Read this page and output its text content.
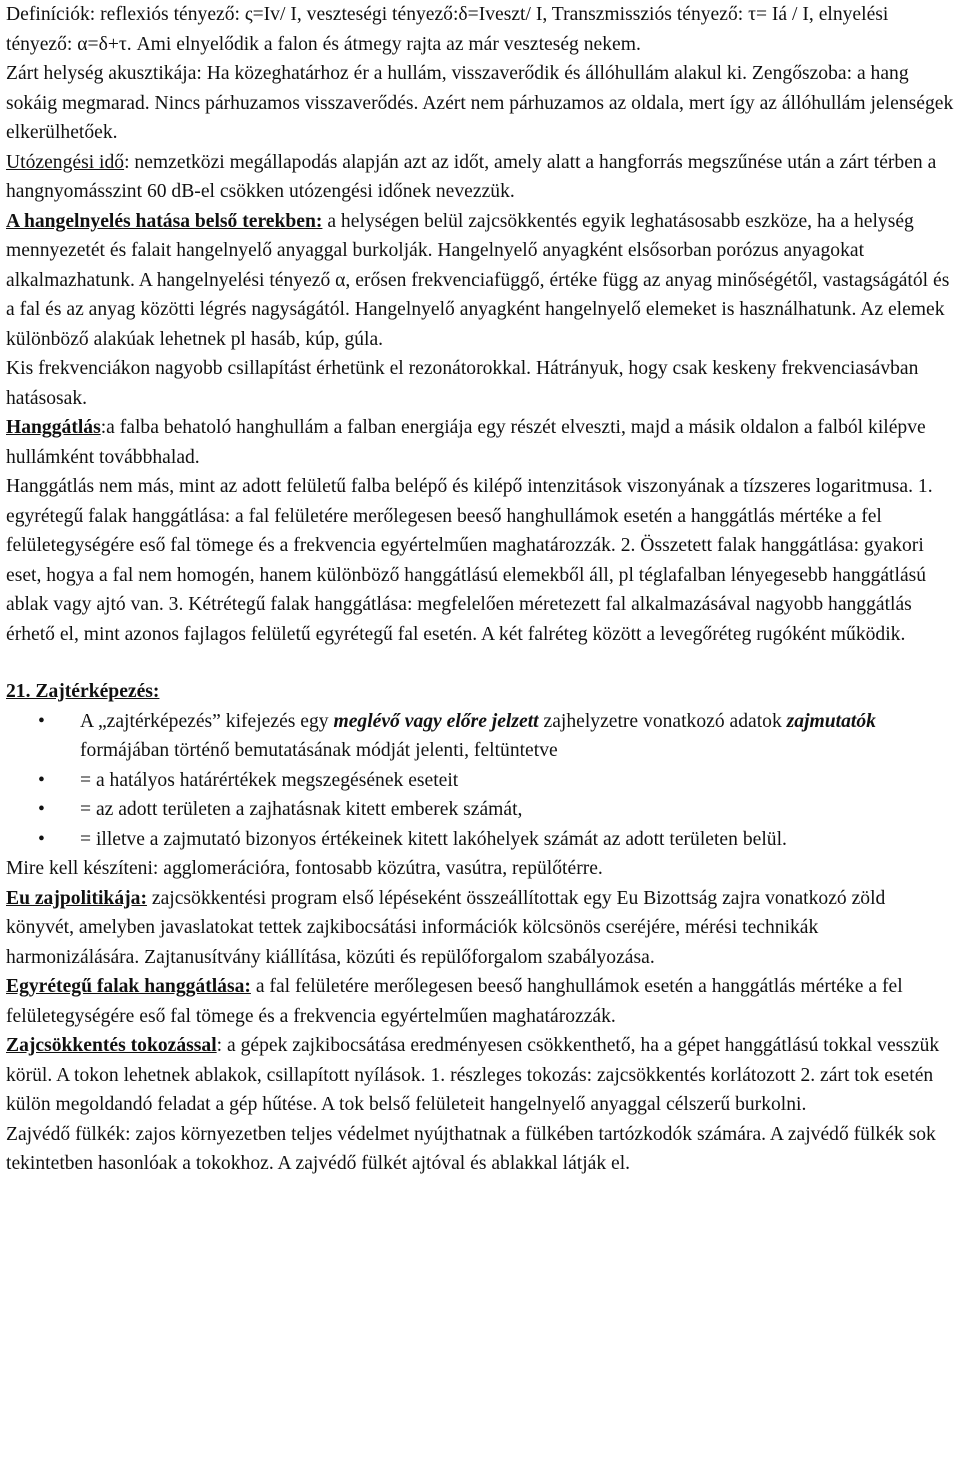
Definíciók: reflexiós tényező: ς=Iv/ I, veszteségi tényező:δ=Iveszt/ I, Transzmissziós tényező: τ= Iá / I, elnyelési tényező: α=δ+τ. Ami elnyelődik a falon és átmegy rajta az már veszteség nekem.

Zárt helység akusztikája: Ha közeghatárhoz ér a hullám, visszaverődik és állóhullám alakul ki. Zengőszoba: a hang sokáig megmarad. Nincs párhuzamos visszaverődés. Azért nem párhuzamos az oldala, mert így az állóhullám jelenségek elkerülhetőek.

Utózengési idő: nemzetközi megállapodás alapján azt az időt, amely alatt a hangforrás megszűnése után a zárt térben a hangnyomásszint 60 dB-el csökken utózengési időnek nevezzük.

A hangelnyelés hatása belső terekben: a helységen belül zajcsökkentés egyik leghatásosabb eszköze, ha a helység mennyezetét és falait hangelnyelő anyaggal burkolják. Hangelnyelő anyagként elsősorban porózus anyagokat alkalmazhatunk. A hangelnyelési tényező α, erősen frekvenciafüggő, értéke függ az anyag minőségétől, vastagságától és a fal és az anyag közötti légrés nagyságától. Hangelnyelő anyagként hangelnyelő elemeket is használhatunk. Az elemek különböző alakúak lehetnek pl hasáb, kúp, gúla.

Kis frekvenciákon nagyobb csillapítást érhetünk el rezonátorokkal. Hátrányuk, hogy csak keskeny frekvenciasávban hatásosak.

Hanggátlás:a falba behatoló hanghullám a falban energiája egy részét elveszti, majd a másik oldalon a falból kilépve hullámként továbbhalad.

Hanggátlás nem más, mint az adott felületű falba belépő és kilépő intenzitások viszonyának a tízszeres logaritmusa. 1. egyrétegű falak hanggátlása: a fal felületére merőlegesen beeső hanghullámok esetén a hanggátlás mértéke a fel felületegységére eső fal tömege és a frekvencia egyértelműen maghatározzák. 2. Összetett falak hanggátlása: gyakori eset, hogya a fal nem homogén, hanem különböző hanggátlású elemekből áll, pl téglafalban lényegesebb hanggátlású ablak vagy ajtó van. 3. Kétrétegű falak hanggátlása: megfelelően méretezett fal alkalmazásával nagyobb hanggátlás érhető el, mint azonos fajlagos felületű egyrétegű fal esetén. A két falréteg között a levegőréteg rugóként működik.

21. Zajtérképezés:
• A „zajtérképezés” kifejezés egy meglévő vagy előre jelzett zajhelyzetre vonatkozó adatok zajmutatók formájában történő bemutatásának módját jelenti, feltüntetve
• = a hatályos határértékek megszegésének eseteit
• = az adott területen a zajhatásnak kitett emberek számát,
• = illetve a zajmutató bizonyos értékeinek kitett lakóhelyek számát az adott területen belül.

Mire kell készíteni: agglomerációra, fontosabb közútra, vasútra, repülőtérre.

Eu zajpolitikája: zajcsökkentési program első lépéseként összeállítottak egy Eu Bizottság zajra vonatkozó zöld könyvét, amelyben javaslatokat tettek zajkibocsátási információk kölcsönös cseréjére, mérési technikák harmonizálására. Zajtanusítvány kiállítása, közúti és repülőforgalom szabályozása.

Egyrétegű falak hanggátlása: a fal felületére merőlegesen beeső hanghullámok esetén a hanggátlás mértéke a fel felületegységére eső fal tömege és a frekvencia egyértelműen maghatározzák.

Zajcsökkentés tokozással: a gépek zajkibocsátása eredményesen csökkenthető, ha a gépet hanggátlású tokkal vesszük körül. A tokon lehetnek ablakok, csillapított nyílások. 1. részleges tokozás: zajcsökkentés korlátozott 2. zárt tok esetén külön megoldandó feladat a gép hűtése. A tok belső felületeit hangelnyelő anyaggal célszerű burkolni.

Zajvédő fülkék: zajos környezetben teljes védelmet nyújthatnak a fülkében tartózkodók számára. A zajvédő fülkék sok tekintetben hasonlóak a tokokhoz. A zajvédő fülkét ajtóval és ablakkal látják el.
